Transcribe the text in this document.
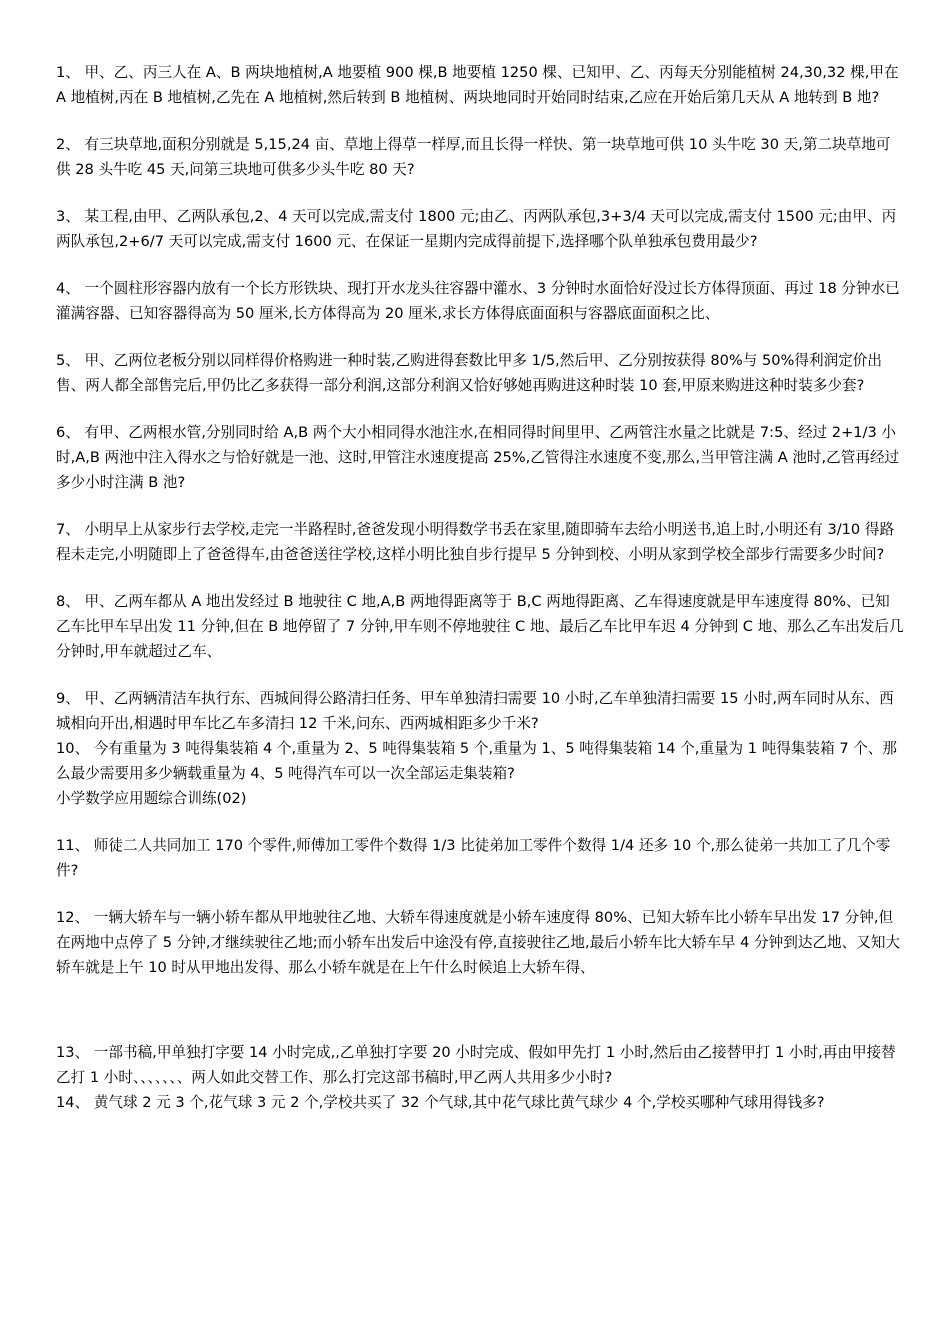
1、 甲、乙、丙三人在 A、B 两块地植树,A 地要植 900 棵,B 地要植 1250 棵、已知甲、乙、丙每天分别能植树 24,30,32 棵,甲在 A 地植树,丙在 B 地植树,乙先在 A 地植树,然后转到 B 地植树、两块地同时开始同时结束,乙应在开始后第几天从 A 地转到 B 地?

2、 有三块草地,面积分别就是 5,15,24 亩、草地上得草一样厚,而且长得一样快、第一块草地可供 10 头牛吃 30 天,第二块草地可供 28 头牛吃 45 天,问第三块地可供多少头牛吃 80 天?

3、 某工程,由甲、乙两队承包,2、4 天可以完成,需支付 1800 元;由乙、丙两队承包,3+3/4 天可以完成,需支付 1500 元;由甲、丙两队承包,2+6/7 天可以完成,需支付 1600 元、在保证一星期内完成得前提下,选择哪个队单独承包费用最少?

4、 一个圆柱形容器内放有一个长方形铁块、现打开水龙头往容器中灌水、3 分钟时水面恰好没过长方体得顶面、再过 18 分钟水已灌满容器、已知容器得高为 50 厘米,长方体得高为 20 厘米,求长方体得底面面积与容器底面面积之比、

5、 甲、乙两位老板分别以同样得价格购进一种时装,乙购进得套数比甲多 1/5,然后甲、乙分别按获得 80%与 50%得利润定价出售、两人都全部售完后,甲仍比乙多获得一部分利润,这部分利润又恰好够她再购进这种时装 10 套,甲原来购进这种时装多少套?

6、 有甲、乙两根水管,分别同时给 A,B 两个大小相同得水池注水,在相同得时间里甲、乙两管注水量之比就是 7:5、经过 2+1/3 小时,A,B 两池中注入得水之与恰好就是一池、这时,甲管注水速度提高 25%,乙管得注水速度不变,那么,当甲管注满 A 池时,乙管再经过多少小时注满 B 池?

7、 小明早上从家步行去学校,走完一半路程时,爸爸发现小明得数学书丢在家里,随即骑车去给小明送书,追上时,小明还有 3/10 得路程未走完,小明随即上了爸爸得车,由爸爸送往学校,这样小明比独自步行提早 5 分钟到校、小明从家到学校全部步行需要多少时间?

8、 甲、乙两车都从 A 地出发经过 B 地驶往 C 地,A,B 两地得距离等于 B,C 两地得距离、乙车得速度就是甲车速度得 80%、已知乙车比甲车早出发 11 分钟,但在 B 地停留了 7 分钟,甲车则不停地驶往 C 地、最后乙车比甲车迟 4 分钟到 C 地、那么乙车出发后几分钟时,甲车就超过乙车、

9、 甲、乙两辆清洁车执行东、西城间得公路清扫任务、甲车单独清扫需要 10 小时,乙车单独清扫需要 15 小时,两车同时从东、西城相向开出,相遇时甲车比乙车多清扫 12 千米,问东、西两城相距多少千米?

10、 今有重量为 3 吨得集装箱 4 个,重量为 2、5 吨得集装箱 5 个,重量为 1、5 吨得集装箱 14 个,重量为 1 吨得集装箱 7 个、那么最少需要用多少辆载重量为 4、5 吨得汽车可以一次全部运走集装箱?

小学数学应用题综合训练(02)

11、 师徒二人共同加工 170 个零件,师傅加工零件个数得 1/3 比徒弟加工零件个数得 1/4 还多 10 个,那么徒弟一共加工了几个零件?

12、 一辆大轿车与一辆小轿车都从甲地驶往乙地、大轿车得速度就是小轿车速度得 80%、已知大轿车比小轿车早出发 17 分钟,但在两地中点停了 5 分钟,才继续驶往乙地;而小轿车出发后中途没有停,直接驶往乙地,最后小轿车比大轿车早 4 分钟到达乙地、又知大轿车就是上午 10 时从甲地出发得、那么小轿车就是在上午什么时候追上大轿车得、

13、 一部书稿,甲单独打字要 14 小时完成,,乙单独打字要 20 小时完成、假如甲先打 1 小时,然后由乙接替甲打 1 小时,再由甲接替乙打 1 小时、、、、、、、两人如此交替工作、那么打完这部书稿时,甲乙两人共用多少小时?

14、 黄气球 2 元 3 个,花气球 3 元 2 个,学校共买了 32 个气球,其中花气球比黄气球少 4 个,学校买哪种气球用得钱多?
